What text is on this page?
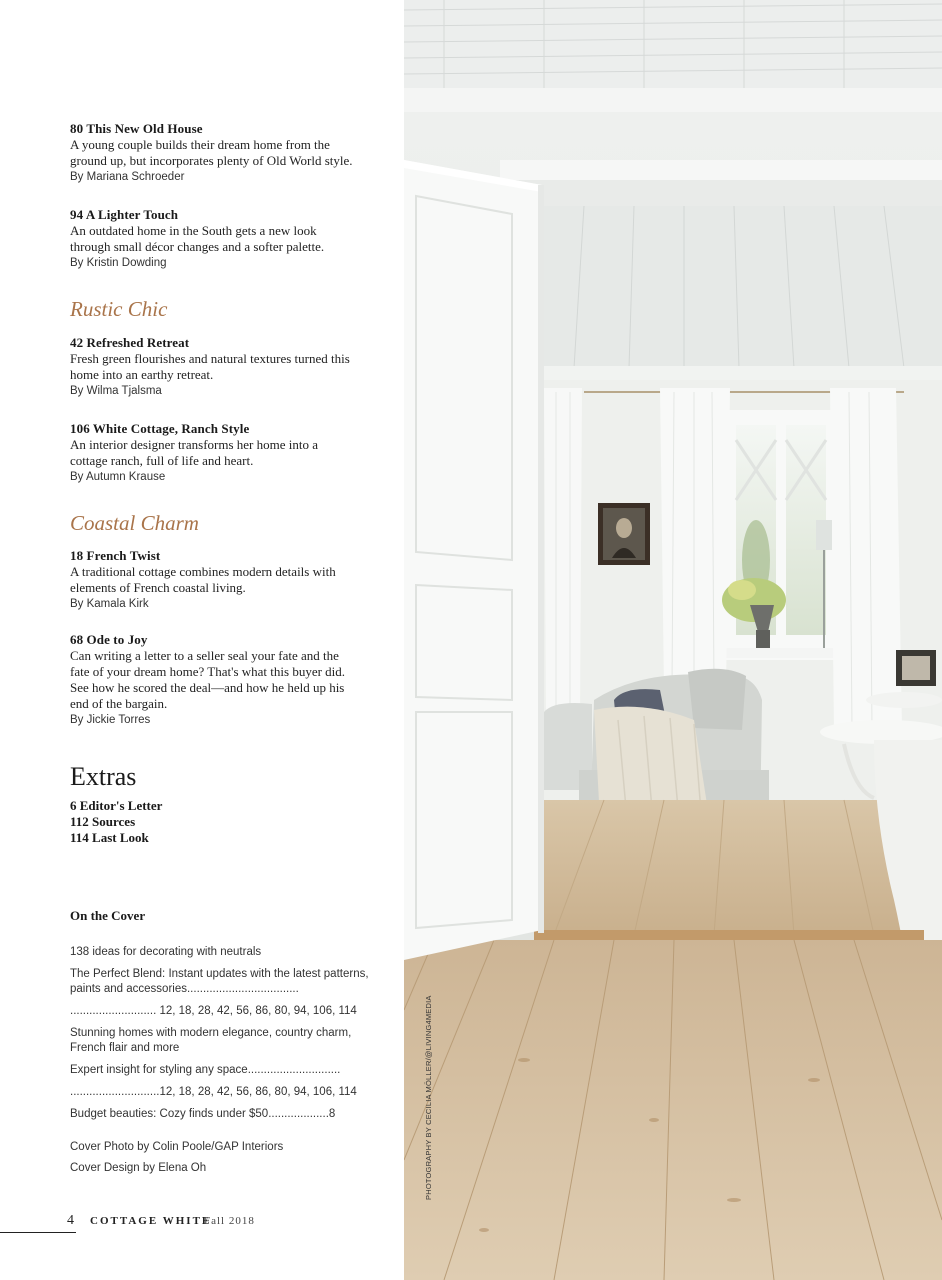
80 This New Old House
A young couple builds their dream home from the
ground up, but incorporates plenty of Old World style.
By Mariana Schroeder
94 A Lighter Touch
An outdated home in the South gets a new look
through small décor changes and a softer palette.
By Kristin Dowding
Rustic Chic
42 Refreshed Retreat
Fresh green flourishes and natural textures turned this
home into an earthy retreat.
By Wilma Tjalsma
106 White Cottage, Ranch Style
An interior designer transforms her home into a
cottage ranch, full of life and heart.
By Autumn Krause
Coastal Charm
18 French Twist
A traditional cottage combines modern details with
elements of French coastal living.
By Kamala Kirk
68 Ode to Joy
Can writing a letter to a seller seal your fate and the
fate of your dream home? That's what this buyer did.
See how he scored the deal—and how he held up his
end of the bargain.
By Jickie Torres
Extras
6 Editor's Letter
112 Sources
114 Last Look
On the Cover
138 ideas for decorating with neutrals
The Perfect Blend: Instant updates with the latest patterns, paints and accessories...................................
........................... 12, 18, 28, 42, 56, 86, 80, 94, 106, 114
Stunning homes with modern elegance, country charm, French flair and more
Expert insight for styling any space.............................
............................12, 18, 28, 42, 56, 86, 80, 94, 106, 114
Budget beauties: Cozy finds under $50...................8
Cover Photo by Colin Poole/GAP Interiors
Cover Design by Elena Oh
4 COTTAGE WHITE
Fall 2018
PHOTOGRAPHY BY CECILIA MÖLLER/@LIVING4MEDIA
